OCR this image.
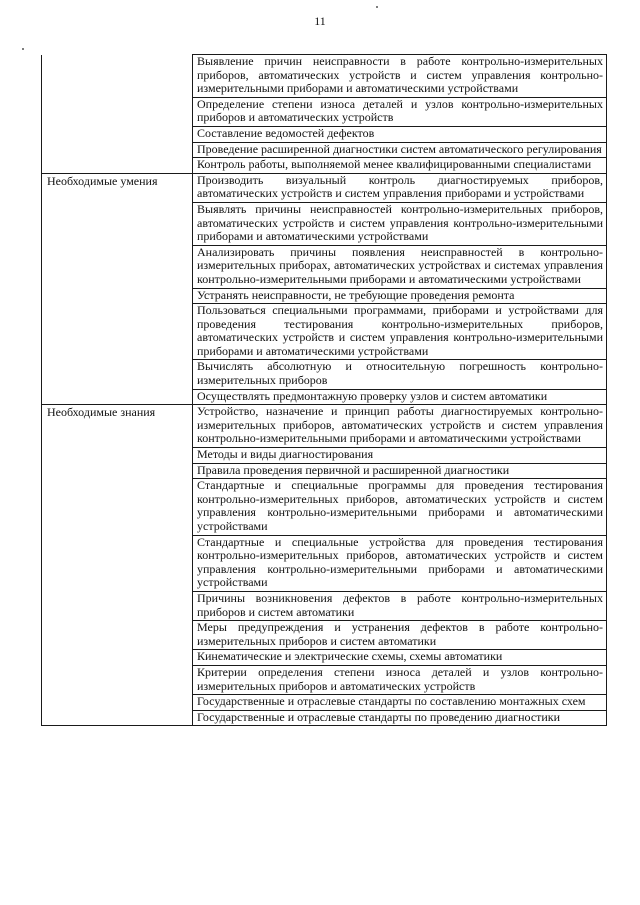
11
	Выявление причин неисправности в работе контрольно-измерительных приборов, автоматических устройств и систем управления контрольно-измерительными приборами и автоматическими устройствами
	Определение степени износа деталей и узлов контрольно-измерительных приборов и автоматических устройств
	Составление ведомостей дефектов
	Проведение расширенной диагностики систем автоматического регулирования
	Контроль работы, выполняемой менее квалифицированными специалистами
Необходимые умения	Производить визуальный контроль диагностируемых приборов, автоматических устройств и систем управления приборами и устройствами
	Выявлять причины неисправностей контрольно-измерительных приборов, автоматических устройств и систем управления контрольно-измерительными приборами и автоматическими устройствами
	Анализировать причины появления неисправностей в контрольно-измерительных приборах, автоматических устройствах и системах управления контрольно-измерительными приборами и автоматическими устройствами
	Устранять неисправности, не требующие проведения ремонта
	Пользоваться специальными программами, приборами и устройствами для проведения тестирования контрольно-измерительных приборов, автоматических устройств и систем управления контрольно-измерительными приборами и автоматическими устройствами
	Вычислять абсолютную и относительную погрешность контрольно-измерительных приборов
	Осуществлять предмонтажную проверку узлов и систем автоматики
Необходимые знания	Устройство, назначение и принцип работы диагностируемых контрольно-измерительных приборов, автоматических устройств и систем управления контрольно-измерительными приборами и автоматическими устройствами
	Методы и виды диагностирования
	Правила проведения первичной и расширенной диагностики
	Стандартные и специальные программы для проведения тестирования контрольно-измерительных приборов, автоматических устройств и систем управления контрольно-измерительными приборами и автоматическими устройствами
	Стандартные и специальные устройства для проведения тестирования контрольно-измерительных приборов, автоматических устройств и систем управления контрольно-измерительными приборами и автоматическими устройствами
	Причины возникновения дефектов в работе контрольно-измерительных приборов и систем автоматики
	Меры предупреждения и устранения дефектов в работе контрольно-измерительных приборов и систем автоматики
	Кинематические и электрические схемы, схемы автоматики
	Критерии определения степени износа деталей и узлов контрольно-измерительных приборов и автоматических устройств
	Государственные и отраслевые стандарты по составлению монтажных схем
	Государственные и отраслевые стандарты по проведению диагностики
